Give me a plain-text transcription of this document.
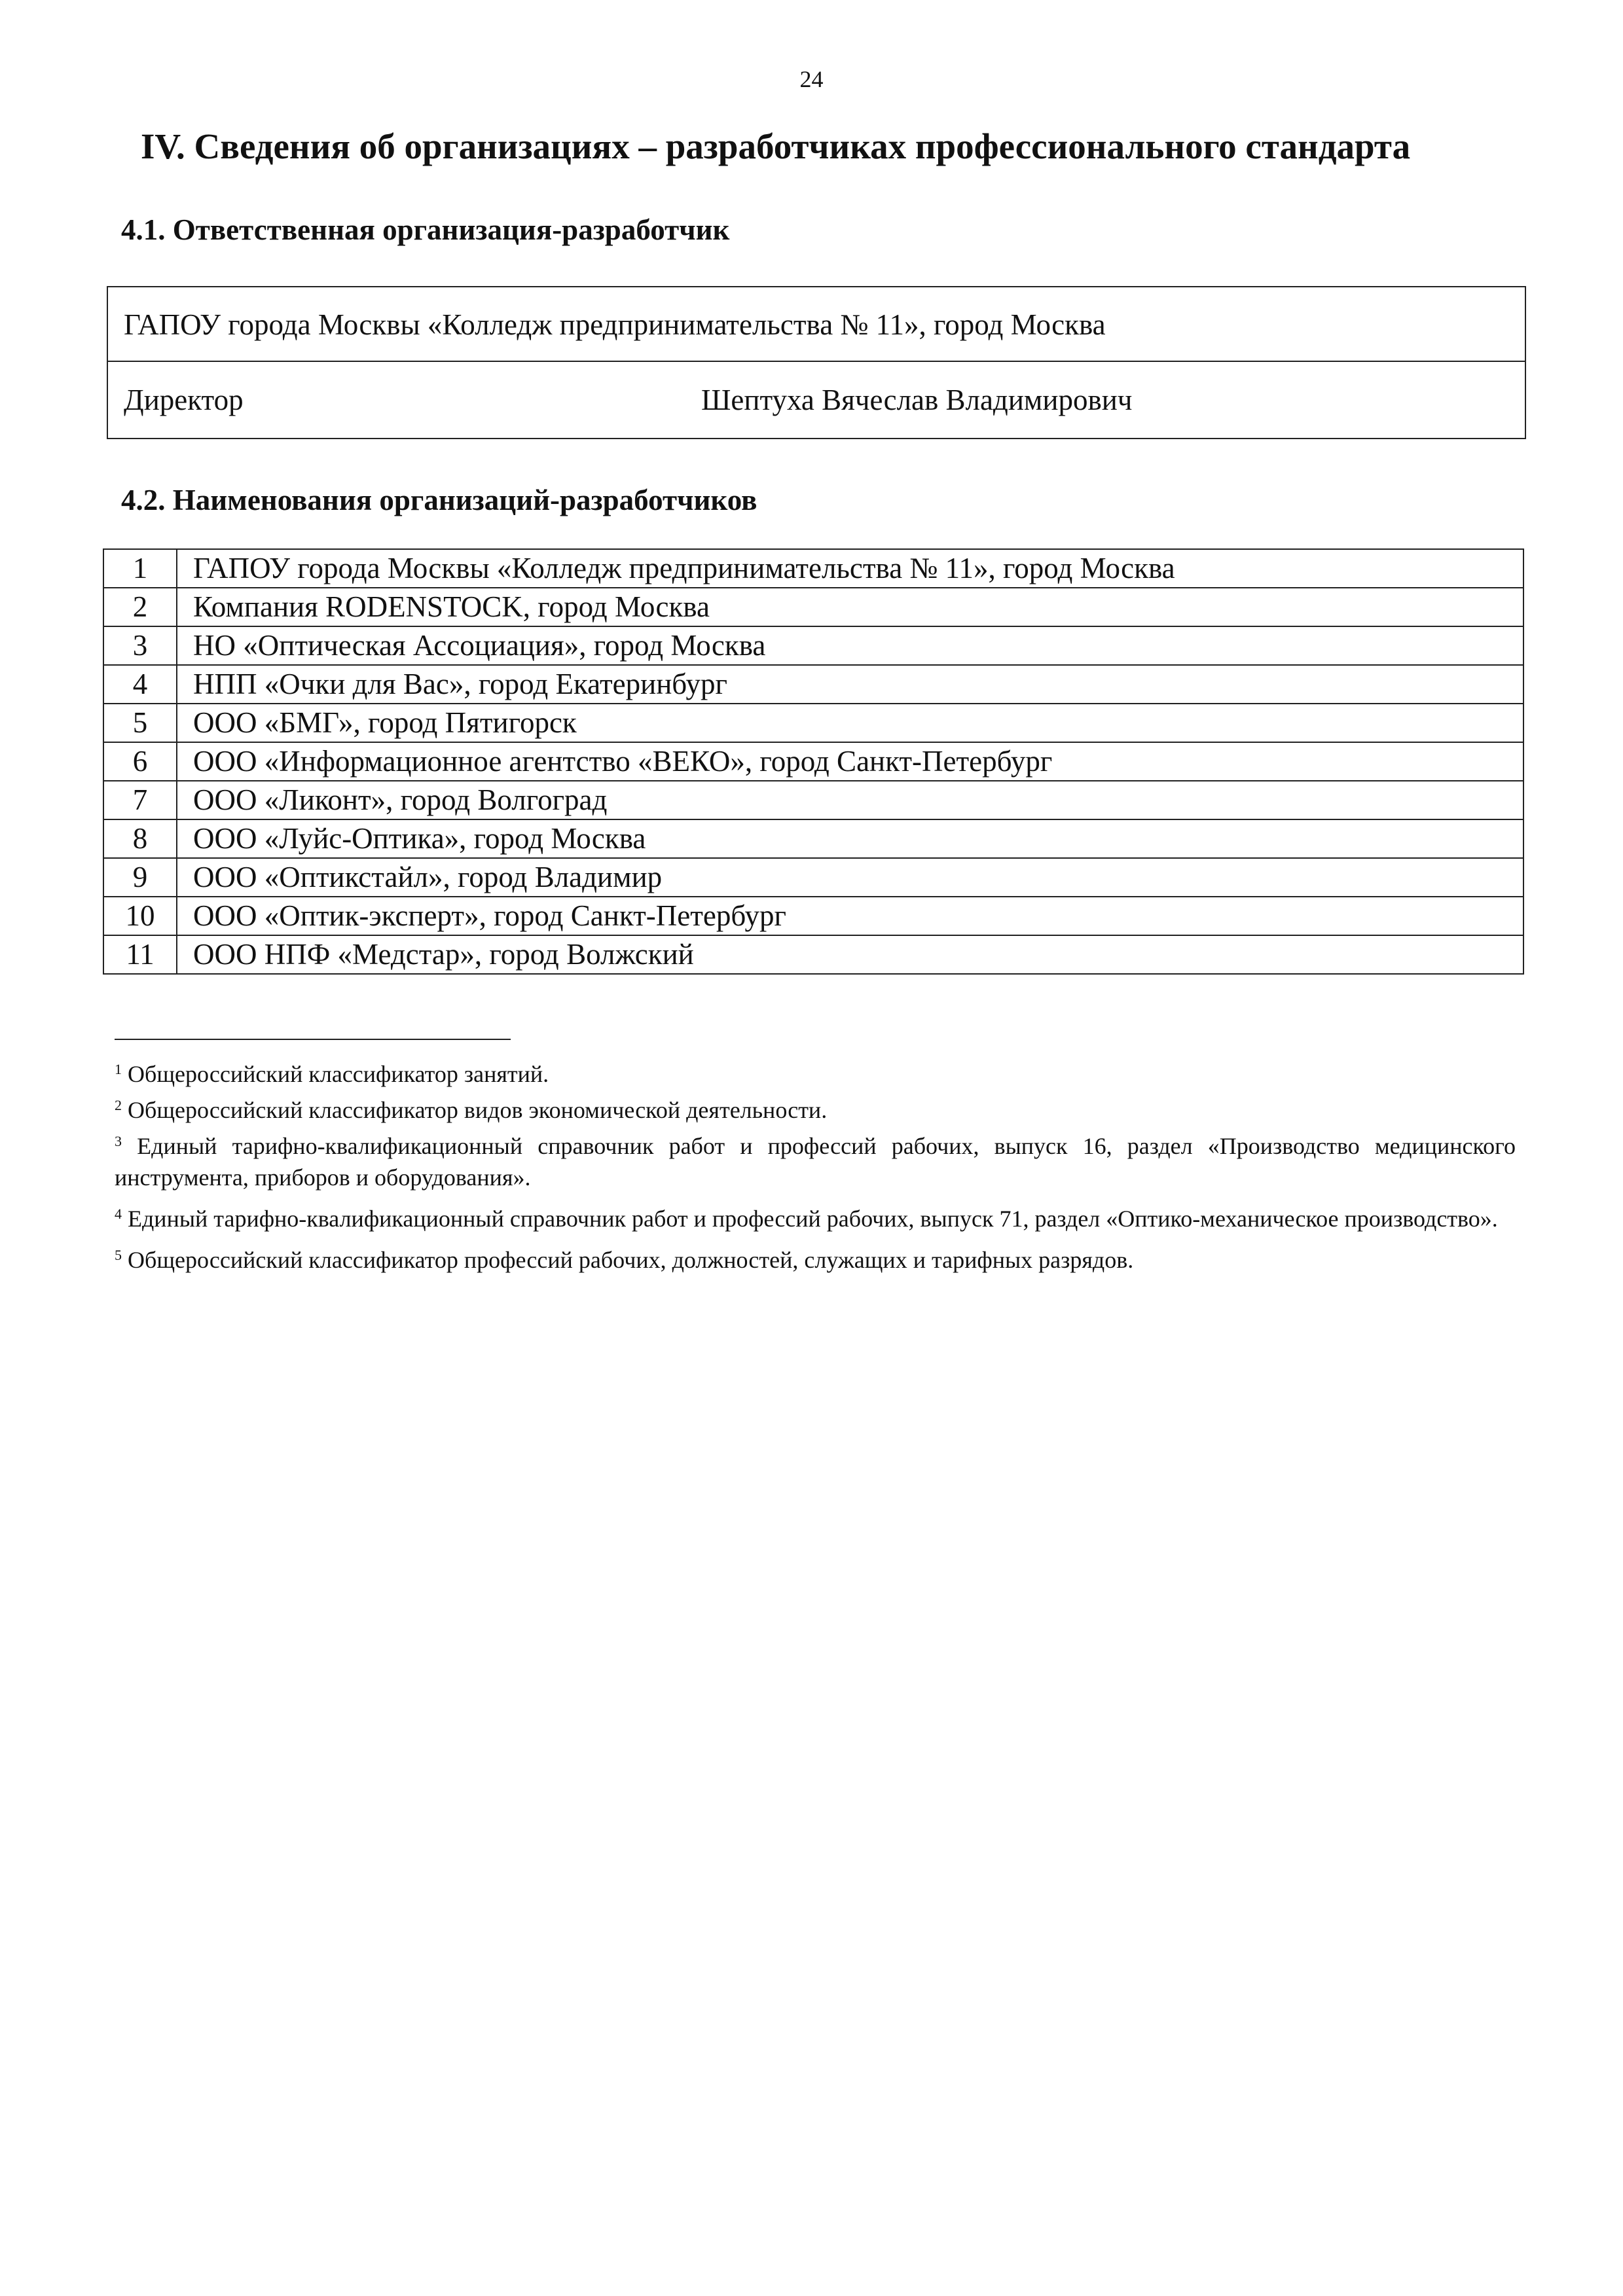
24
IV. Сведения об организациях – разработчиках профессионального стандарта
4.1. Ответственная организация-разработчик
ГАПОУ города Москвы «Колледж предпринимательства № 11», город Москва
Директор	Шептуха Вячеслав Владимирович
4.2. Наименования организаций-разработчиков
1	ГАПОУ города Москвы «Колледж предпринимательства № 11», город Москва
2	Компания RODENSTOCK, город Москва
3	НО «Оптическая Ассоциация», город Москва
4	НПП «Очки для Вас», город Екатеринбург
5	ООО «БМГ», город Пятигорск
6	ООО «Информационное агентство «ВЕКО», город Санкт-Петербург
7	ООО «Ликонт», город Волгоград
8	ООО «Луйс-Оптика», город Москва
9	ООО «Оптикстайл», город Владимир
10	ООО «Оптик-эксперт», город Санкт-Петербург
11	ООО НПФ «Медстар», город Волжский

$^1$ Общероссийский классификатор занятий.

$^2$ Общероссийский классификатор видов экономической деятельности.

$^3$ Единый тарифно-квалификационный справочник работ и профессий рабочих, выпуск 16, раздел «Производство медицинского инструмента, приборов и оборудования».

$^4$ Единый тарифно-квалификационный справочник работ и профессий рабочих, выпуск 71, раздел «Оптико-механическое производство».

$^5$ Общероссийский классификатор профессий рабочих, должностей, служащих и тарифных разрядов.
